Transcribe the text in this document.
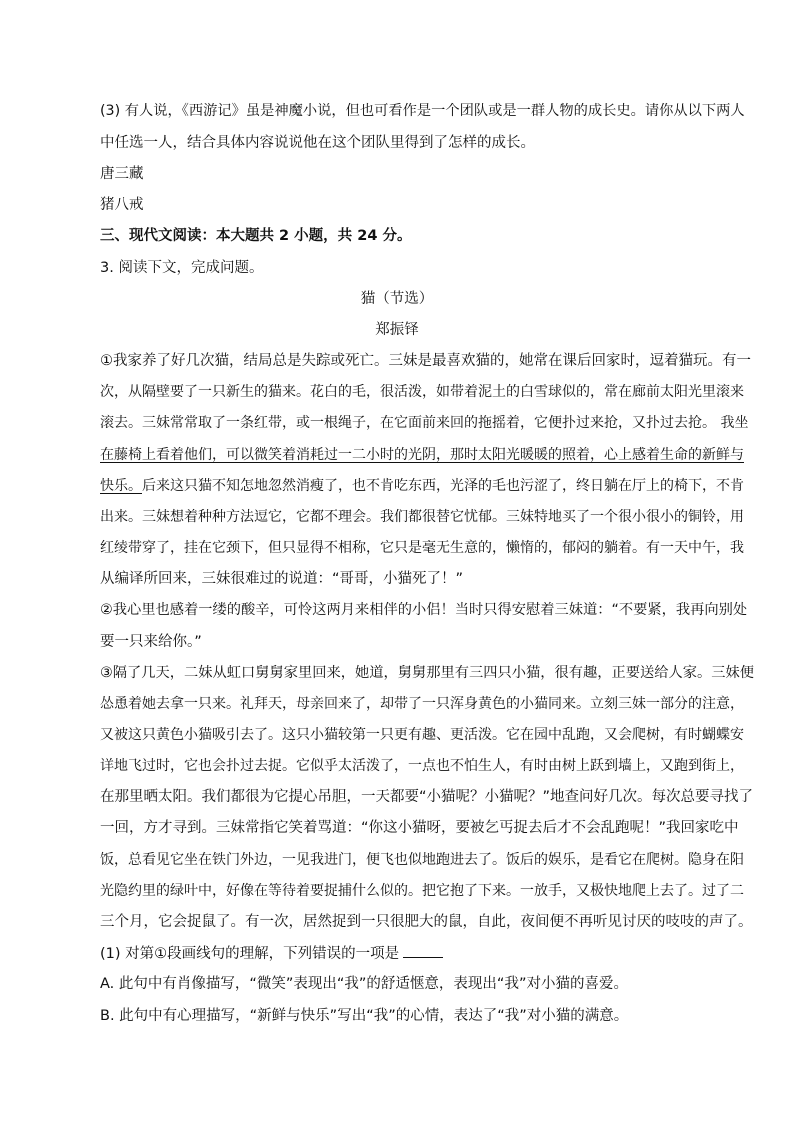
(3) 有人说，《西游记》虽是神魔小说，但也可看作是一个团队或是一群人物的成长史。请你从以下两人
中任选一人，结合具体内容说说他在这个团队里得到了怎样的成长。
唐三藏
猪八戒
三、现代文阅读：本大题共 2 小题，共 24 分。
3. 阅读下文，完成问题。
猫（节选）
郑振铎
①我家养了好几次猫，结局总是失踪或死亡。三妹是最喜欢猫的，她常在课后回家时，逗着猫玩。有一
次，从隔壁要了一只新生的猫来。花白的毛，很活泼，如带着泥土的白雪球似的，常在廊前太阳光里滚来
滚去。三妹常常取了一条红带，或一根绳子，在它面前来回的拖摇着，它便扑过来抢，又扑过去抢。 我坐
在藤椅上看着他们，可以微笑着消耗过一二小时的光阴，那时太阳光暖暖的照着，心上感着生命的新鲜与
快乐。后来这只猫不知怎地忽然消瘦了，也不肯吃东西，光泽的毛也污涩了，终日躺在厅上的椅下，不肯
出来。三妹想着种种方法逗它，它都不理会。我们都很替它忧郁。三妹特地买了一个很小很小的铜铃，用
红绫带穿了，挂在它颈下，但只显得不相称，它只是毫无生意的，懒惰的，郁闷的躺着。有一天中午，我
从编译所回来，三妹很难过的说道：“哥哥，小猫死了！”
②我心里也感着一缕的酸辛，可怜这两月来相伴的小侣！当时只得安慰着三妹道：“不要紧，我再向别处
要一只来给你。”
③隔了几天，二妹从虹口舅舅家里回来，她道，舅舅那里有三四只小猫，很有趣，正要送给人家。三妹便
怂恿着她去拿一只来。礼拜天，母亲回来了，却带了一只浑身黄色的小猫同来。立刻三妹一部分的注意，
又被这只黄色小猫吸引去了。这只小猫较第一只更有趣、更活泼。它在园中乱跑，又会爬树，有时蝴蝶安
详地飞过时，它也会扑过去捉。它似乎太活泼了，一点也不怕生人，有时由树上跃到墙上，又跑到街上，
在那里晒太阳。我们都很为它提心吊胆，一天都要“小猫呢？小猫呢？”地查问好几次。每次总要寻找了
一回，方才寻到。三妹常指它笑着骂道：“你这小猫呀，要被乞丐捉去后才不会乱跑呢！”我回家吃中
饭，总看见它坐在铁门外边，一见我进门，便飞也似地跑进去了。饭后的娱乐，是看它在爬树。隐身在阳
光隐约里的绿叶中，好像在等待着要捉捕什么似的。把它抱了下来。一放手，又极快地爬上去了。过了二
三个月，它会捉鼠了。有一次，居然捉到一只很肥大的鼠，自此，夜间便不再听见讨厌的吱吱的声了。
(1) 对第①段画线句的理解，下列错误的一项是
A. 此句中有肖像描写，“微笑”表现出“我”的舒适惬意，表现出“我”对小猫的喜爱。
B. 此句中有心理描写，“新鲜与快乐”写出“我”的心情，表达了“我”对小猫的满意。
